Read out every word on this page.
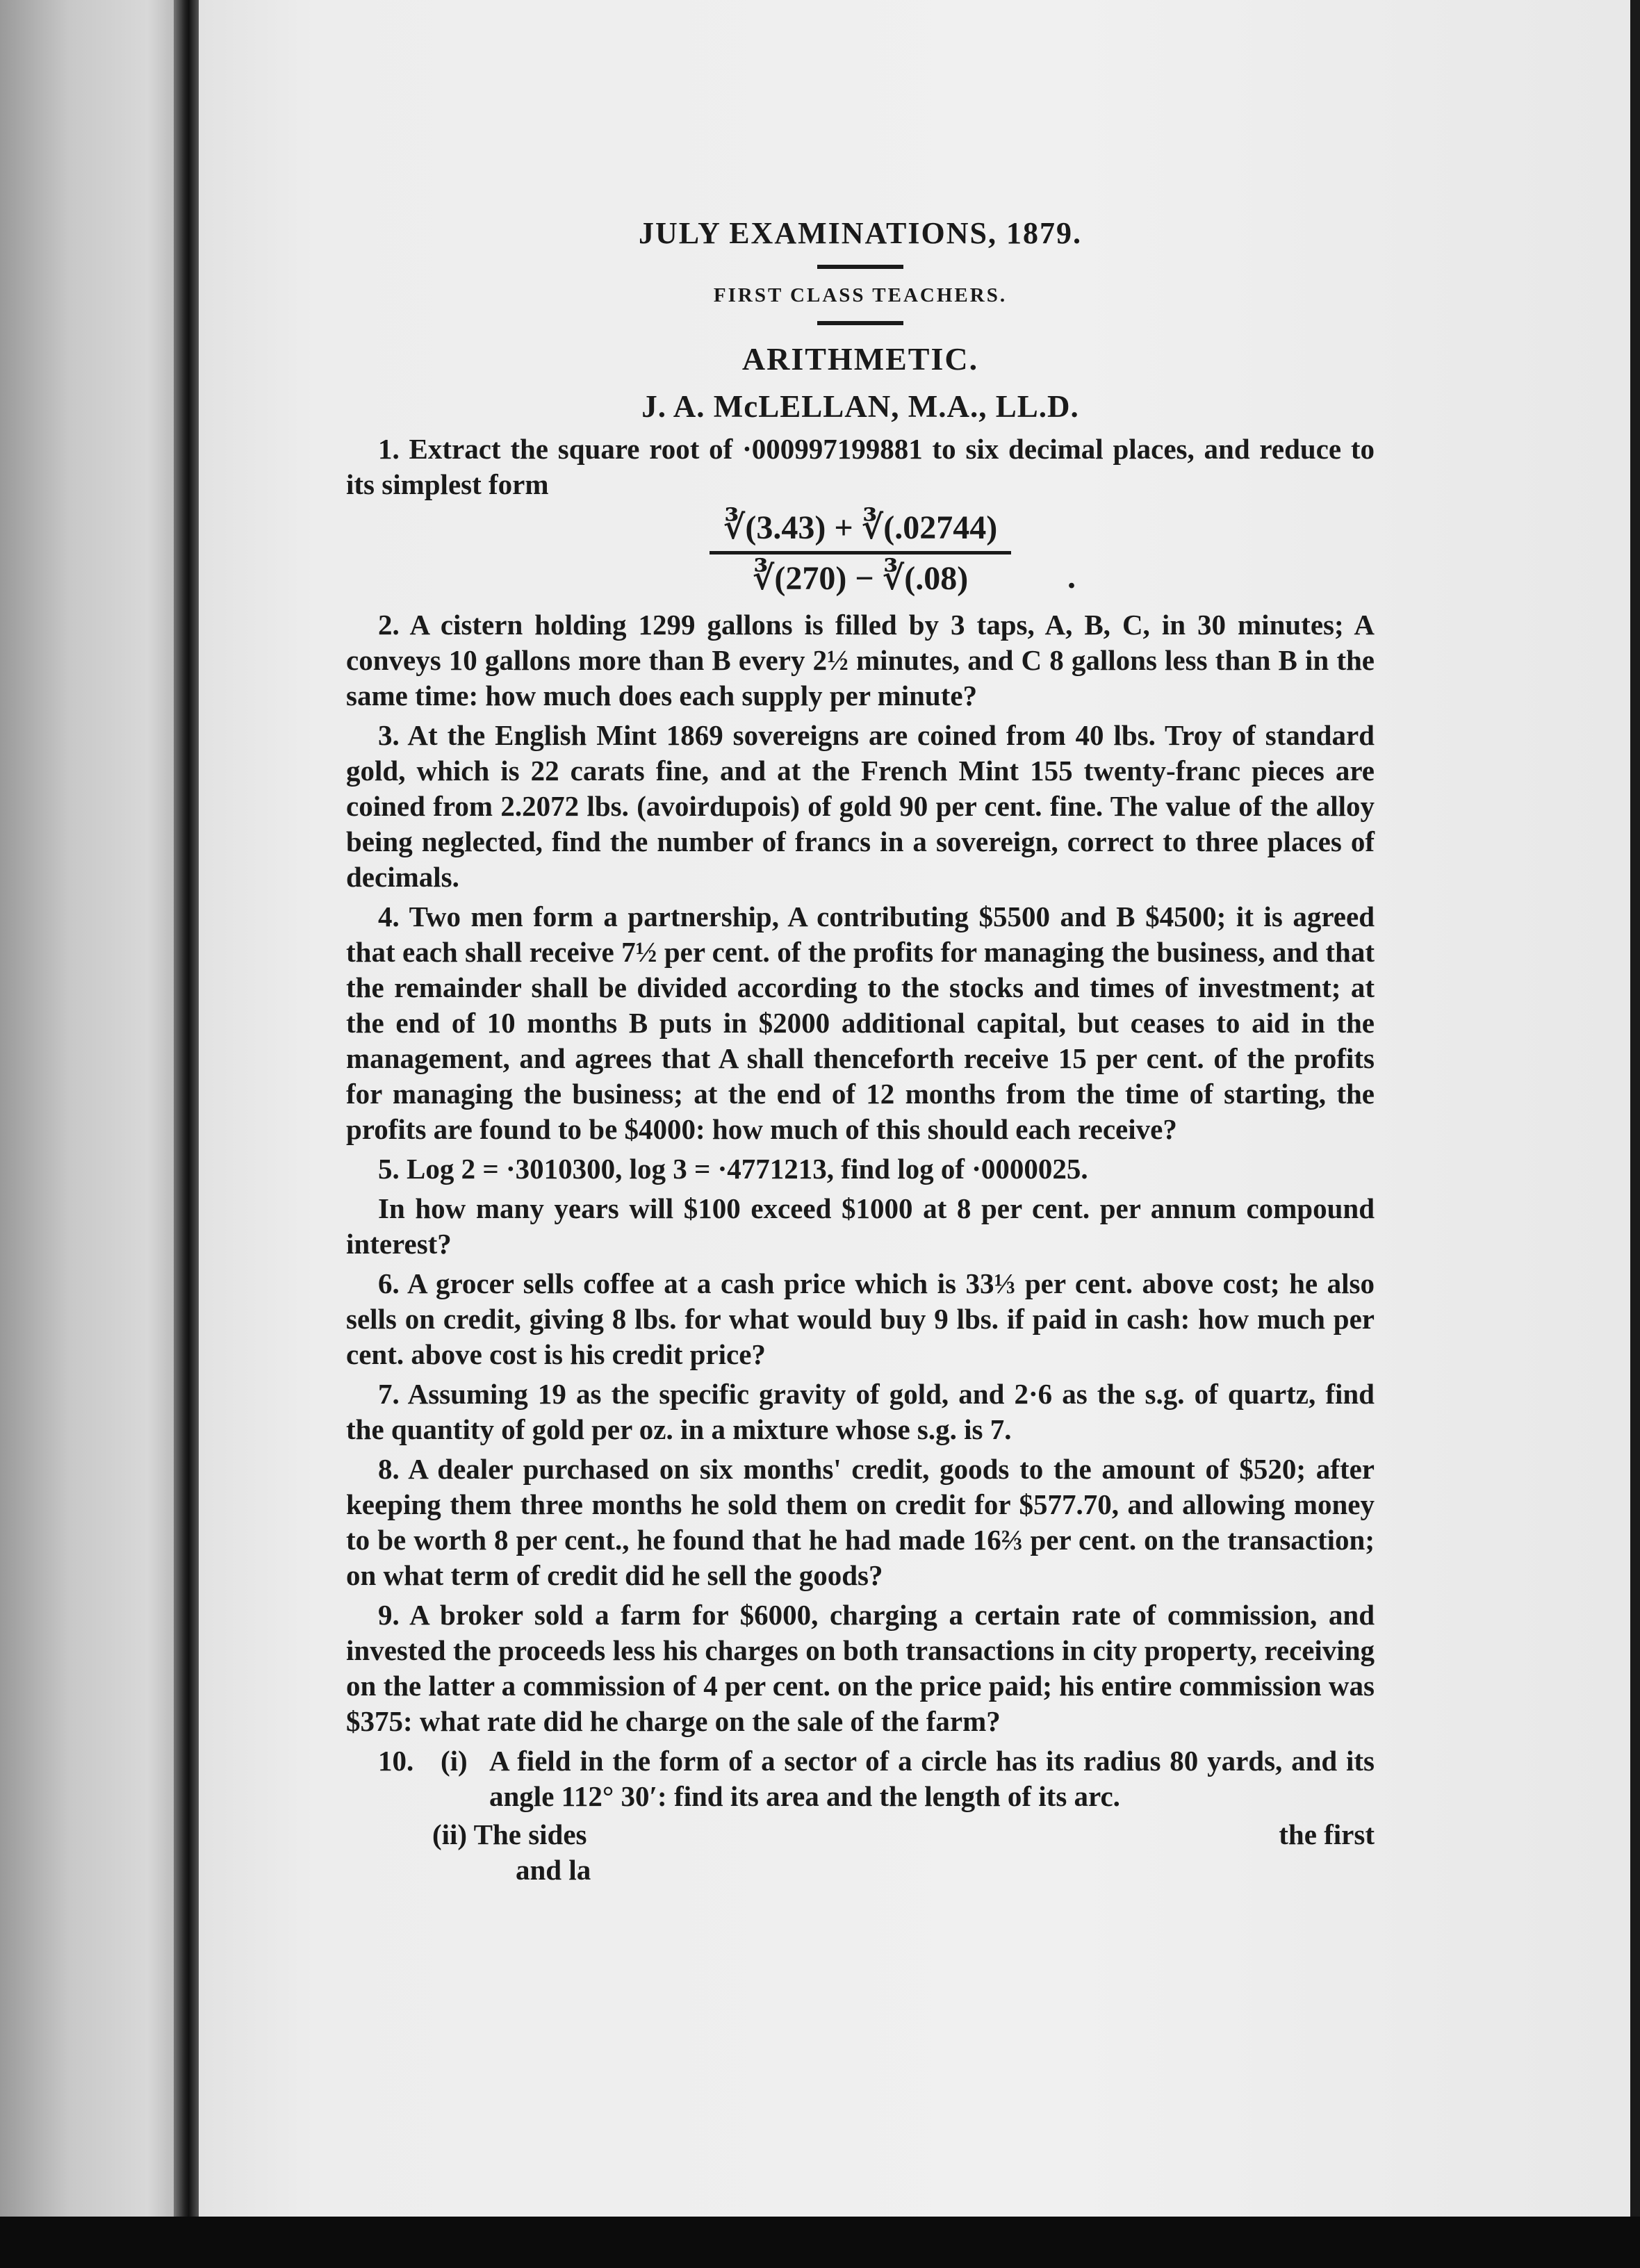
JULY EXAMINATIONS, 1879.
FIRST CLASS TEACHERS.
ARITHMETIC.
J. A. McLELLAN, M.A., LL.D.

1. Extract the square root of ·000997199881 to six decimal places, and reduce to its simplest form

∛(3.43) + ∛(.02744)
∛(270) − ∛(.08)	.

2. A cistern holding 1299 gallons is filled by 3 taps, A, B, C, in 30 minutes; A conveys 10 gallons more than B every 2½ minutes, and C 8 gallons less than B in the same time: how much does each supply per minute?

3. At the English Mint 1869 sovereigns are coined from 40 lbs. Troy of standard gold, which is 22 carats fine, and at the French Mint 155 twenty-franc pieces are coined from 2.2072 lbs. (avoirdupois) of gold 90 per cent. fine. The value of the alloy being neglected, find the number of francs in a sovereign, correct to three places of decimals.

4. Two men form a partnership, A contributing $5500 and B $4500; it is agreed that each shall receive 7½ per cent. of the profits for managing the business, and that the remainder shall be divided according to the stocks and times of investment; at the end of 10 months B puts in $2000 additional capital, but ceases to aid in the management, and agrees that A shall thenceforth receive 15 per cent. of the profits for managing the business; at the end of 12 months from the time of starting, the profits are found to be $4000: how much of this should each receive?

5. Log 2 = ·3010300, log 3 = ·4771213, find log of ·0000025.

In how many years will $100 exceed $1000 at 8 per cent. per annum compound interest?

6. A grocer sells coffee at a cash price which is 33⅓ per cent. above cost; he also sells on credit, giving 8 lbs. for what would buy 9 lbs. if paid in cash: how much per cent. above cost is his credit price?

7. Assuming 19 as the specific gravity of gold, and 2·6 as the s.g. of quartz, find the quantity of gold per oz. in a mixture whose s.g. is 7.

8. A dealer purchased on six months' credit, goods to the amount of $520; after keeping them three months he sold them on credit for $577.70, and allowing money to be worth 8 per cent., he found that he had made 16⅔ per cent. on the transaction; on what term of credit did he sell the goods?

9. A broker sold a farm for $6000, charging a certain rate of commission, and invested the proceeds less his charges on both transactions in city property, receiving on the latter a commission of 4 per cent. on the price paid; his entire commission was $375: what rate did he charge on the sale of the farm?

10. (i) A field in the form of a sector of a circle has its radius 80 yards, and its angle 112° 30′: find its area and the length of its arc.
(ii) The sides	the first
and la
